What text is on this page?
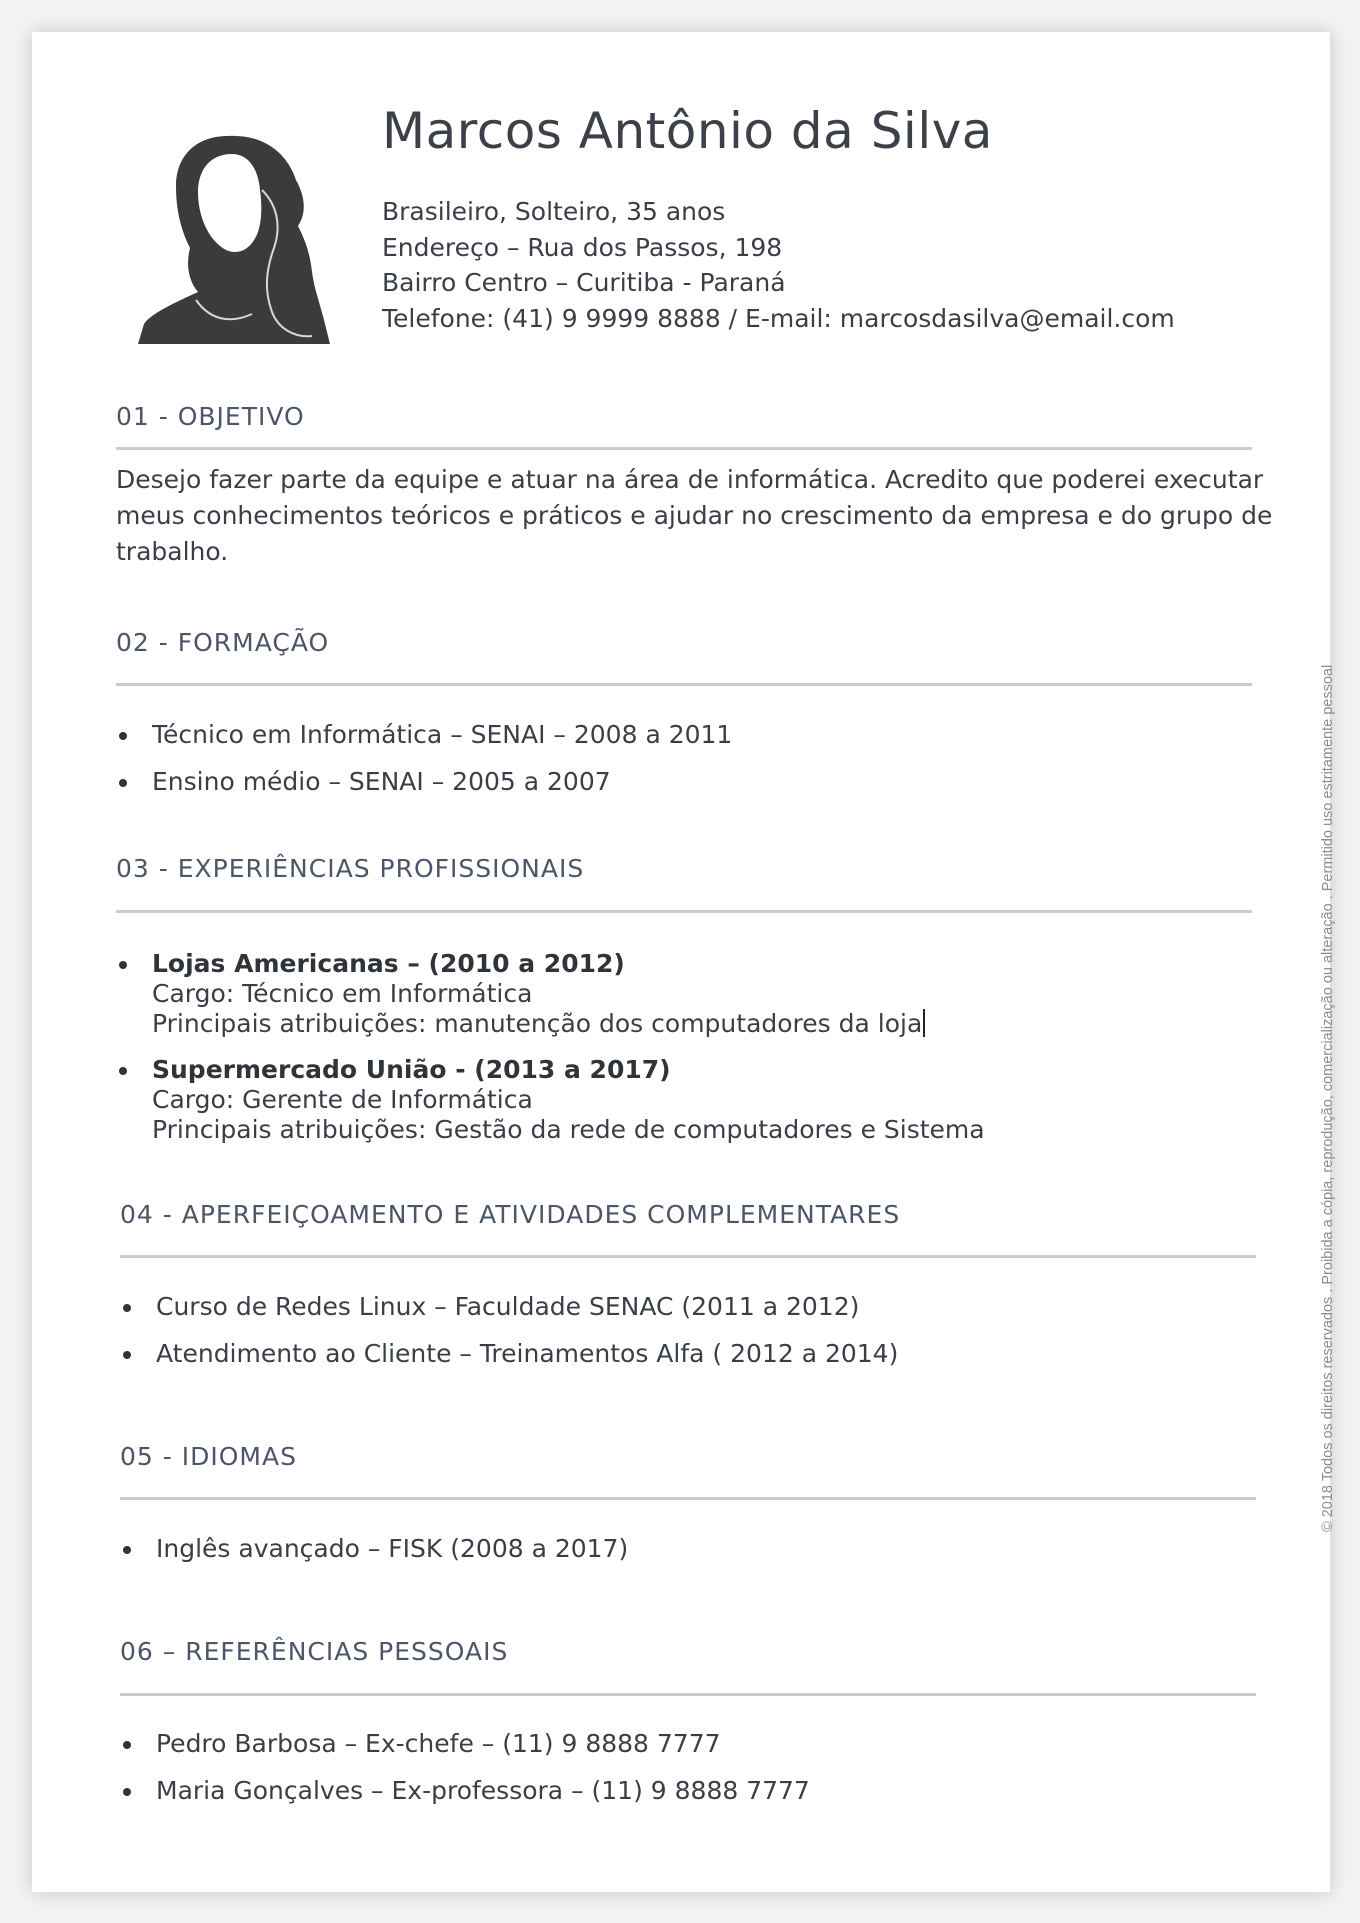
Marcos Antônio da Silva
Brasileiro, Solteiro, 35 anos
Endereço – Rua dos Passos, 198
Bairro Centro – Curitiba - Paraná
Telefone: (41) 9 9999 8888 / E-mail: marcosdasilva@email.com
01 - OBJETIVO
Desejo fazer parte da equipe e atuar na área de informática. Acredito que poderei executar meus conhecimentos teóricos e práticos e ajudar no crescimento da empresa e do grupo de trabalho.
02 - FORMAÇÃO
Técnico em Informática – SENAI – 2008 a 2011
Ensino médio – SENAI – 2005 a 2007
03 - EXPERIÊNCIAS PROFISSIONAIS
Lojas Americanas – (2010 a 2012)
Cargo: Técnico em Informática
Principais atribuições: manutenção dos computadores da loja
Supermercado União - (2013 a 2017)
Cargo: Gerente de Informática
Principais atribuições: Gestão da rede de computadores e Sistema
04 - APERFEIÇOAMENTO E ATIVIDADES COMPLEMENTARES
Curso de Redes Linux – Faculdade SENAC (2011 a 2012)
Atendimento ao Cliente – Treinamentos Alfa ( 2012 a 2014)
05 - IDIOMAS
Inglês avançado – FISK (2008 a 2017)
06 – REFERÊNCIAS PESSOAIS
Pedro Barbosa – Ex-chefe – (11) 9 8888 7777
Maria Gonçalves – Ex-professora – (11) 9 8888 7777
© 2018 Todos os direitos reservados . Proibida a cópia, reprodução, comercialização ou alteração . Permitido uso estritamente pessoal
